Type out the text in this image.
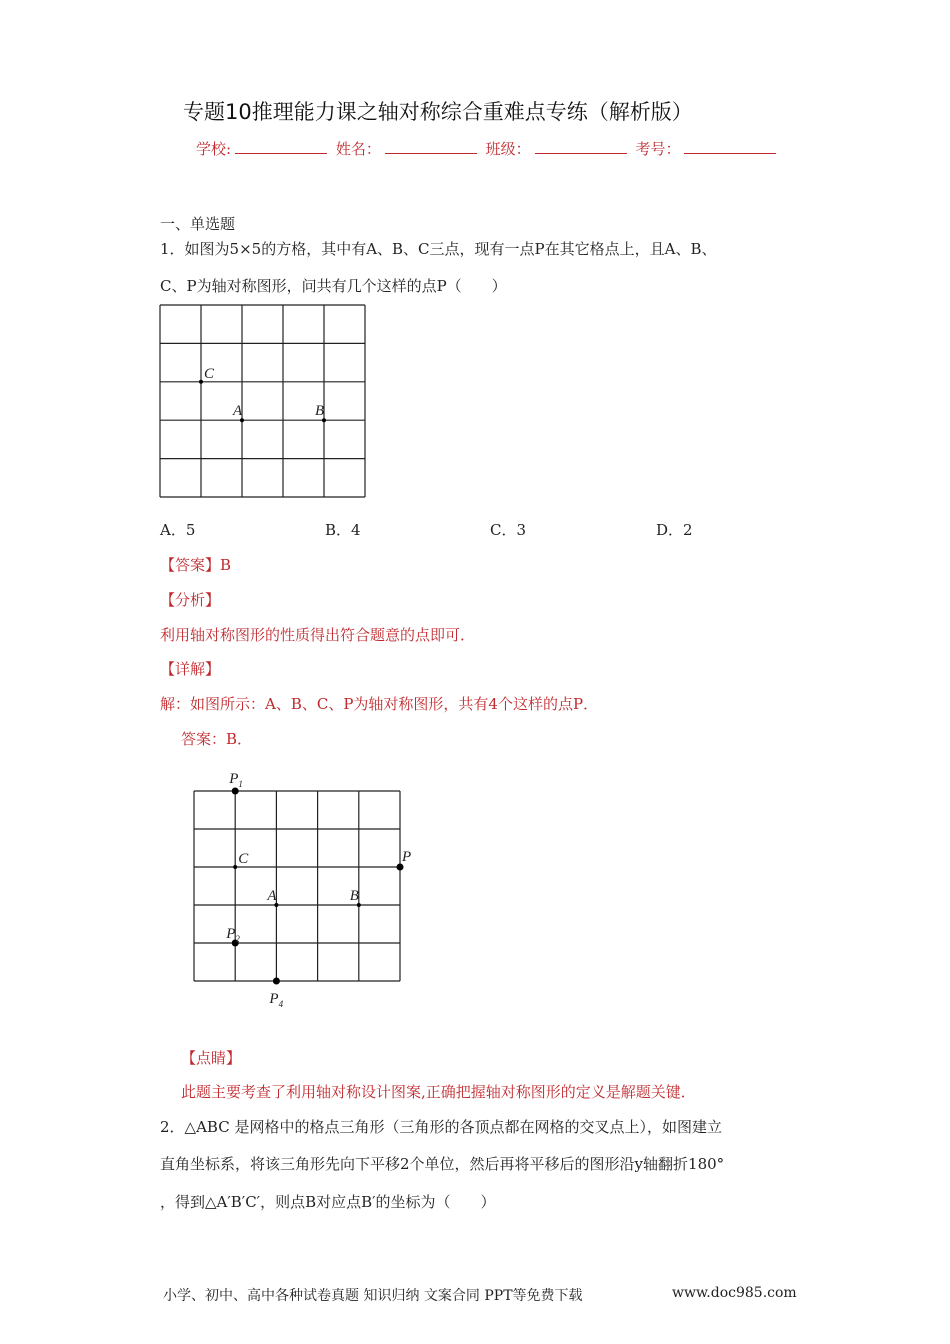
专题10推理能力课之轴对称综合重难点专练（解析版）
学校:	姓名：	班级：	考号：
一、单选题
1．如图为5×5的方格，其中有A、B、C三点，现有一点P在其它格点上，且A、B、
C、P为轴对称图形，问共有几个这样的点P（　　）
C
A	B
A．5	B．4	C．3	D．2
【答案】B
【分析】
利用轴对称图形的性质得出符合题意的点即可．
【详解】
解：如图所示：A、B、C、P为轴对称图形，共有4个这样的点P．
答案：B．
$P_1$
C	P
A	B
$P_2$
$P_4$
【点睛】
此题主要考查了利用轴对称设计图案,正确把握轴对称图形的定义是解题关键．
2．△ABC 是网格中的格点三角形（三角形的各顶点都在网格的交叉点上），如图建立
直角坐标系，将该三角形先向下平移2个单位，然后再将平移后的图形沿y轴翻折180°
，得到△A′B′C′，则点B对应点B′的坐标为（　　）
小学、初中、高中各种试卷真题 知识归纳 文案合同 PPT等免费下载	www.doc985.com
